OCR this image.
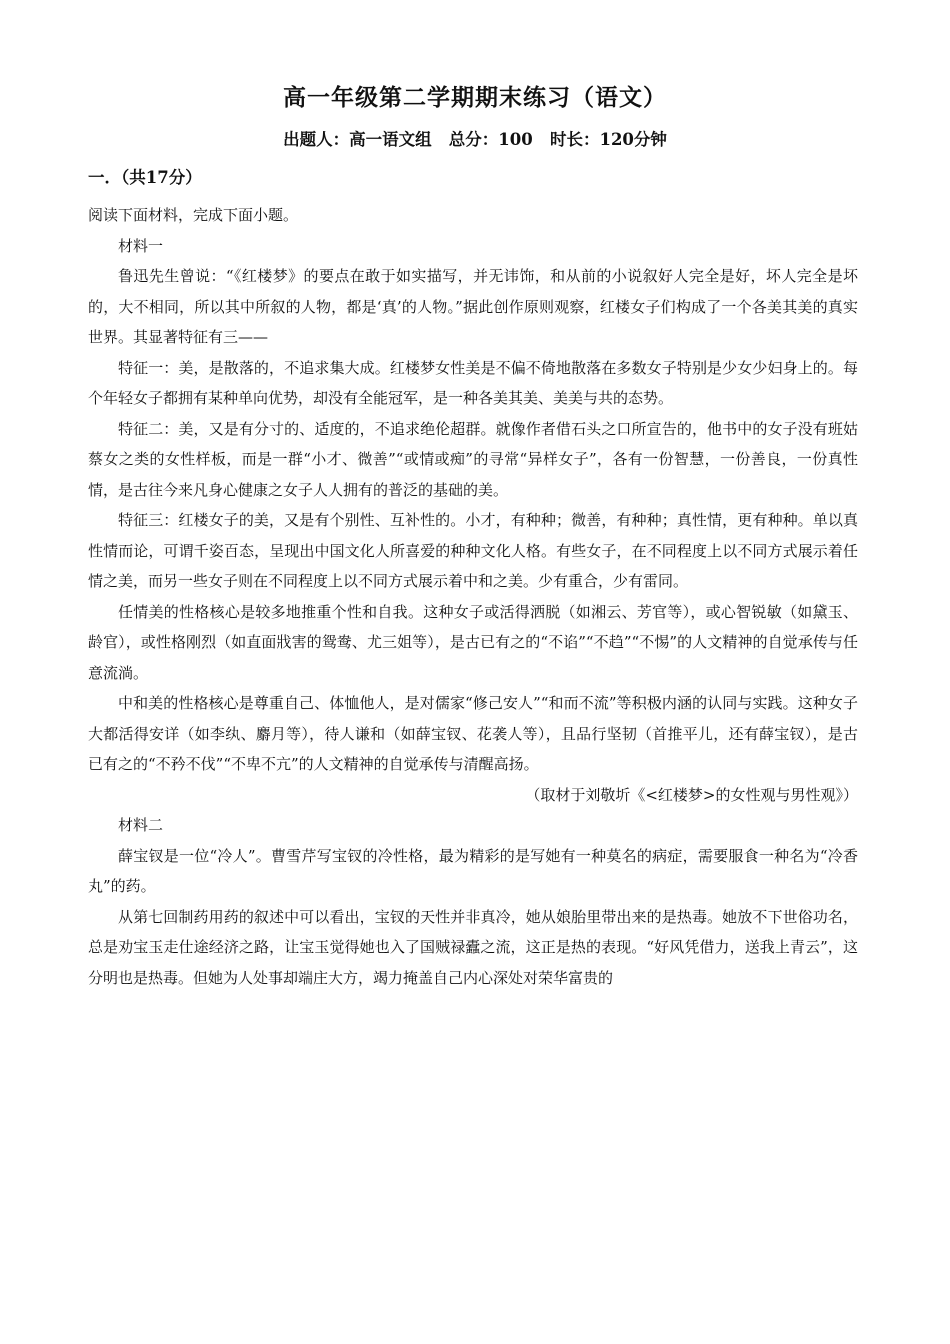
高一年级第二学期期末练习（语文）
出题人：高一语文组   总分：100   时长：120分钟
一．（共17分）

阅读下面材料，完成下面小题。

材料一

鲁迅先生曾说：“《红楼梦》的要点在敢于如实描写，并无讳饰，和从前的小说叙好人完全是好，坏人完全是坏的，大不相同，所以其中所叙的人物，都是‘真’的人物。”据此创作原则观察，红楼女子们构成了一个各美其美的真实世界。其显著特征有三——

特征一：美，是散落的，不追求集大成。红楼梦女性美是不偏不倚地散落在多数女子特别是少女少妇身上的。每个年轻女子都拥有某种单向优势，却没有全能冠军，是一种各美其美、美美与共的态势。

特征二：美，又是有分寸的、适度的，不追求绝伦超群。就像作者借石头之口所宣告的，他书中的女子没有班姑蔡女之类的女性样板，而是一群“小才、微善”“或情或痴”的寻常“异样女子”，各有一份智慧，一份善良，一份真性情，是古往今来凡身心健康之女子人人拥有的普泛的基础的美。

特征三：红楼女子的美，又是有个别性、互补性的。小才，有种种；微善，有种种；真性情，更有种种。单以真性情而论，可谓千姿百态，呈现出中国文化人所喜爱的种种文化人格。有些女子，在不同程度上以不同方式展示着任情之美，而另一些女子则在不同程度上以不同方式展示着中和之美。少有重合，少有雷同。

任情美的性格核心是较多地推重个性和自我。这种女子或活得洒脱（如湘云、芳官等），或心智锐敏（如黛玉、龄官），或性格刚烈（如直面戕害的鸳鸯、尤三姐等），是古已有之的“不谄”“不趋”“不惕”的人文精神的自觉承传与任意流淌。

中和美的性格核心是尊重自己、体恤他人，是对儒家“修己安人”“和而不流”等积极内涵的认同与实践。这种女子大都活得安详（如李纨、麝月等），待人谦和（如薛宝钗、花袭人等），且品行坚韧（首推平儿，还有薛宝钗），是古已有之的“不矜不伐”“不卑不亢”的人文精神的自觉承传与清醒高扬。

（取材于刘敬圻《<红楼梦>的女性观与男性观》）

材料二

薛宝钗是一位“冷人”。曹雪芹写宝钗的冷性格，最为精彩的是写她有一种莫名的病症，需要服食一种名为“冷香丸”的药。

从第七回制药用药的叙述中可以看出，宝钗的天性并非真冷，她从娘胎里带出来的是热毒。她放不下世俗功名，总是劝宝玉走仕途经济之路，让宝玉觉得她也入了国贼禄蠹之流，这正是热的表现。“好风凭借力，送我上青云”，这分明也是热毒。但她为人处事却端庄大方，竭力掩盖自己内心深处对荣华富贵的
